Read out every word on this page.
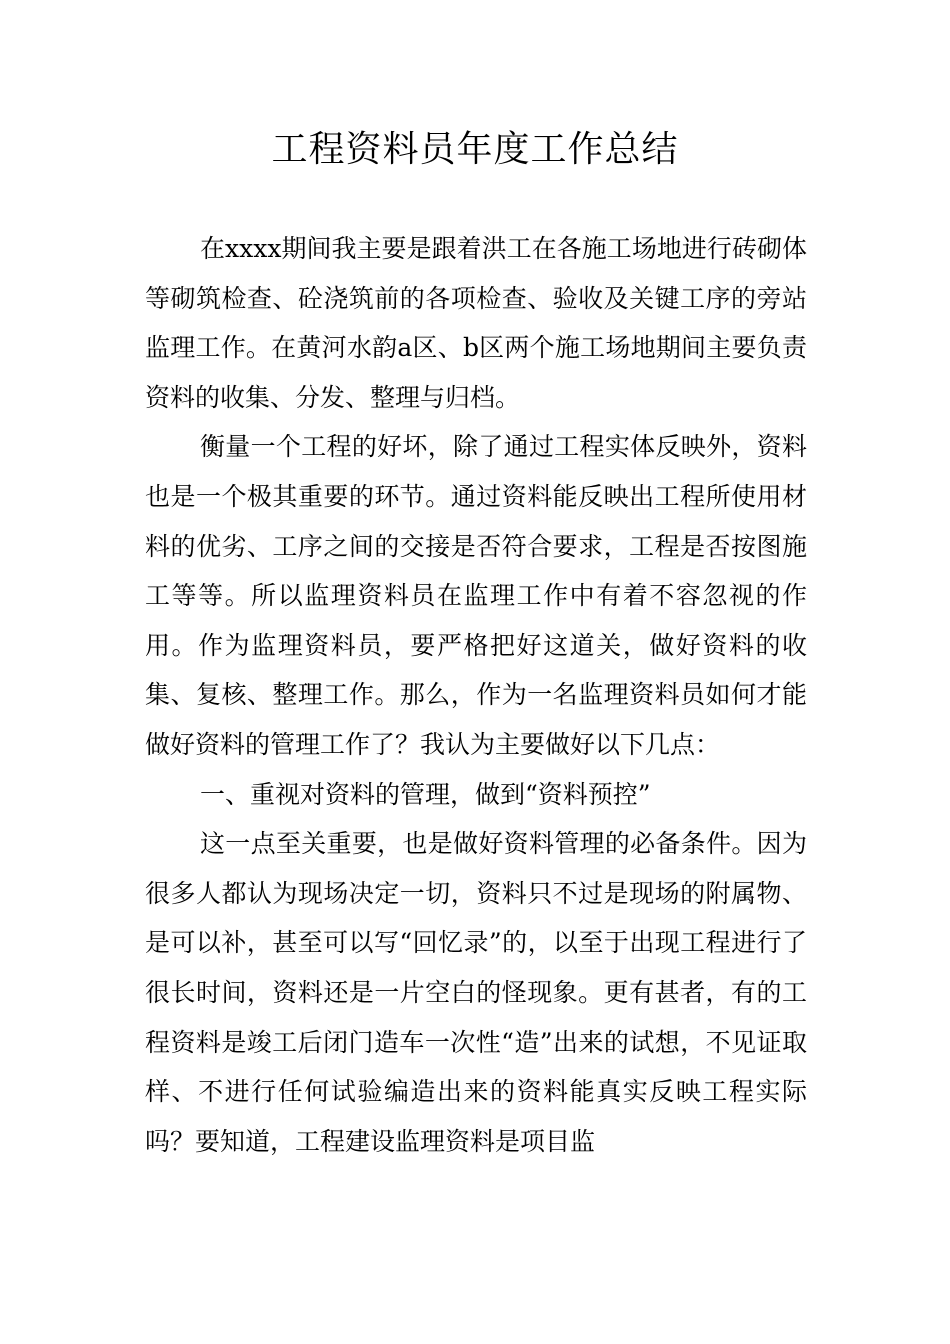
工程资料员年度工作总结

在xxxx期间我主要是跟着洪工在各施工场地进行砖砌体等砌筑检查、砼浇筑前的各项检查、验收及关键工序的旁站监理工作。在黄河水韵a区、b区两个施工场地期间主要负责资料的收集、分发、整理与归档。

衡量一个工程的好坏，除了通过工程实体反映外，资料也是一个极其重要的环节。通过资料能反映出工程所使用材料的优劣、工序之间的交接是否符合要求，工程是否按图施工等等。所以监理资料员在监理工作中有着不容忽视的作用。作为监理资料员，要严格把好这道关，做好资料的收集、复核、整理工作。那么，作为一名监理资料员如何才能做好资料的管理工作了？我认为主要做好以下几点：

一、重视对资料的管理，做到“资料预控”

这一点至关重要，也是做好资料管理的必备条件。因为很多人都认为现场决定一切，资料只不过是现场的附属物、是可以补，甚至可以写“回忆录”的，以至于出现工程进行了很长时间，资料还是一片空白的怪现象。更有甚者，有的工程资料是竣工后闭门造车一次性“造”出来的试想，不见证取样、不进行任何试验编造出来的资料能真实反映工程实际吗？要知道，工程建设监理资料是项目监
